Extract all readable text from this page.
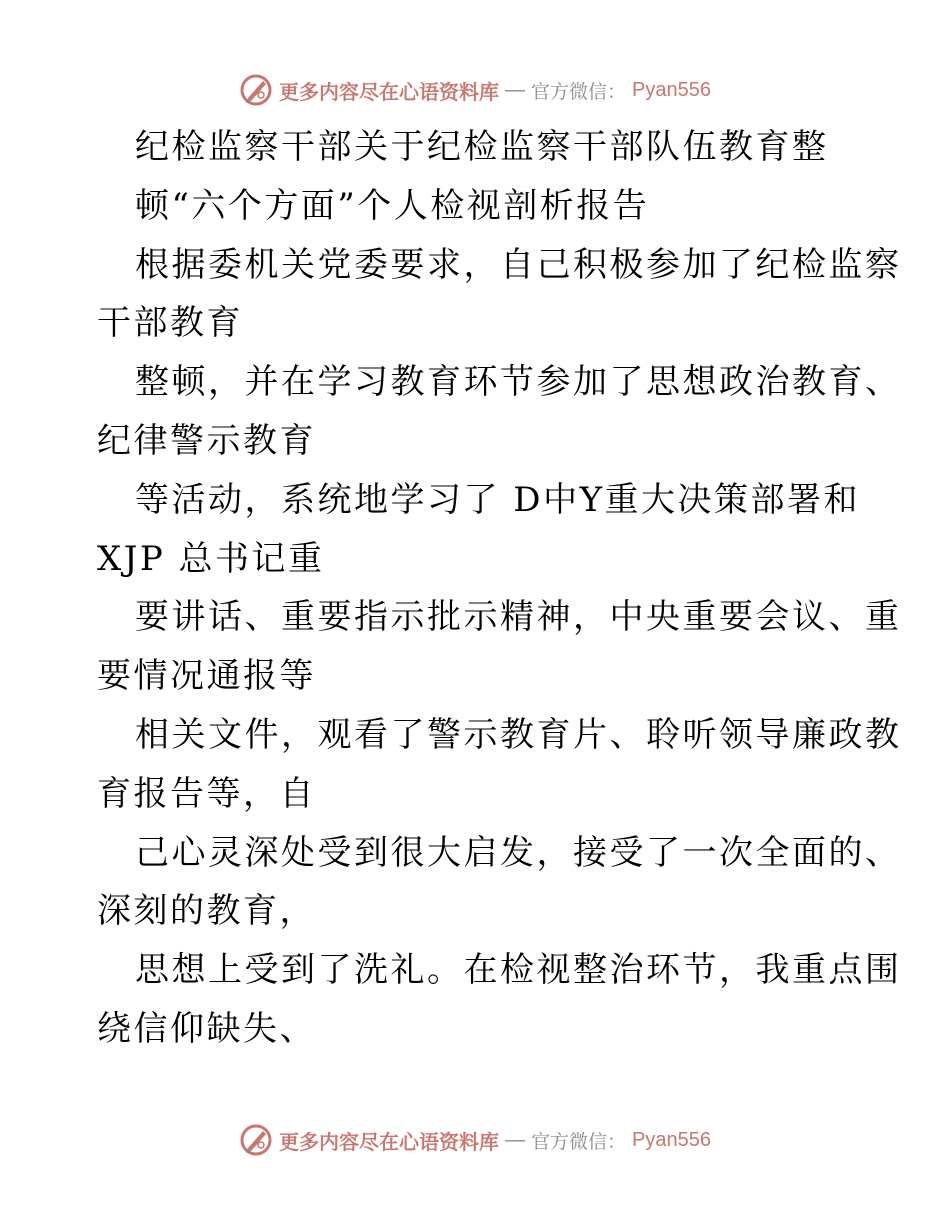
更多内容尽在心语资料库 — 官方微信： Pyan556
纪检监察干部关于纪检监察干部队伍教育整
顿“六个方面”个人检视剖析报告
根据委机关党委要求，自己积极参加了纪检监察
干部教育
整顿，并在学习教育环节参加了思想政治教育、
纪律警示教育
等活动，系统地学习了 D中Y重大决策部署和
XJP 总书记重
要讲话、重要指示批示精神，中央重要会议、重
要情况通报等
相关文件，观看了警示教育片、聆听领导廉政教
育报告等，自
己心灵深处受到很大启发，接受了一次全面的、
深刻的教育，
思想上受到了洗礼。在检视整治环节，我重点围
绕信仰缺失、
更多内容尽在心语资料库 — 官方微信： Pyan556
